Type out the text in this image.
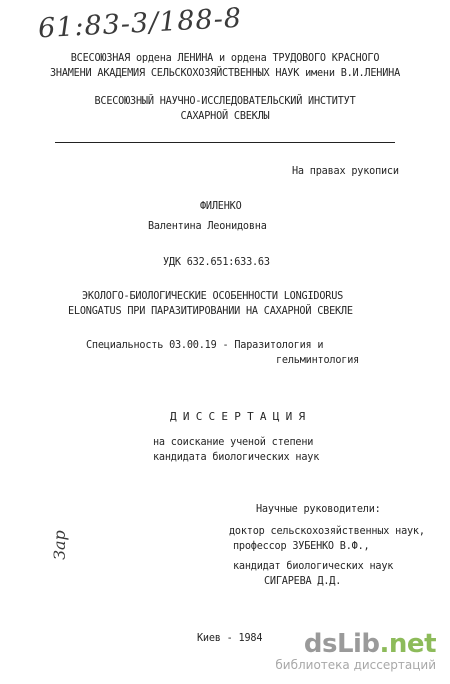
61:83-3/188-8
ВСЕСОЮЗНАЯ ордена ЛЕНИНА и ордена ТРУДОВОГО КРАСНОГО
ЗНАМЕНИ АКАДЕМИЯ СЕЛЬСКОХОЗЯЙСТВЕННЫХ НАУК имени В.И.ЛЕНИНА
ВСЕСОЮЗНЫЙ НАУЧНО-ИССЛЕДОВАТЕЛЬСКИЙ ИНСТИТУТ
САХАРНОЙ СВЕКЛЫ
На правах рукописи
ФИЛЕНКО
Валентина Леонидовна
УДК 632.651:633.63
ЭКОЛОГО-БИОЛОГИЧЕСКИЕ ОСОБЕННОСТИ LONGIDORUS
ELONGATUS ПРИ ПАРАЗИТИРОВАНИИ НА САХАРНОЙ СВЕКЛЕ
Специальность 03.00.19 - Паразитология и
гельминтология
Д И С С Е Р Т А Ц И Я
на соискание ученой степени
кандидата биологических наук
Научные руководители:
доктор сельскохозяйственных наук,
профессор ЗУБЕНКО В.Ф.,
кандидат биологических наук
СИГАРЕВА Д.Д.
Зар
Киев - 1984	dsLib.net
библиотека диссертаций
